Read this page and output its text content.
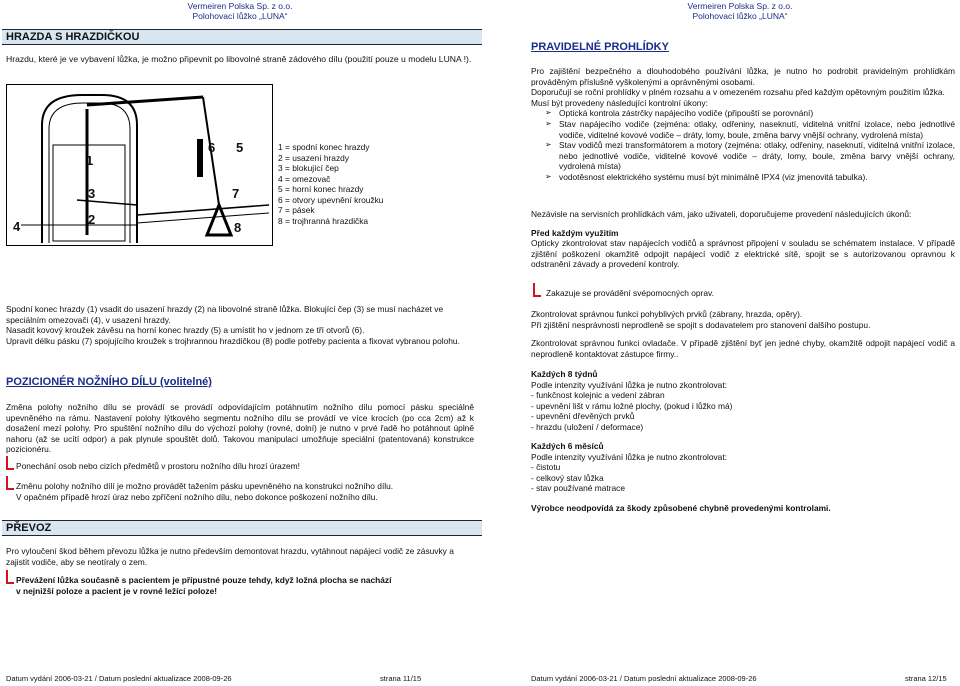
Vermeiren Polska Sp. z o.o.
Polohovací lůžko „LUNA“
Vermeiren Polska Sp. z o.o.
Polohovací lůžko „LUNA“
HRAZDA S HRAZDIČKOU
Hrazdu, které je ve vybavení lůžka, je možno připevnit po libovolné straně zádového dílu (použití pouze u modelu LUNA !).
1
2
3
4
5
6
7
8
1 = spodní konec hrazdy
2 = usazení hrazdy
3 = blokující čep
4 = omezovač
5 = horní konec hrazdy
6 = otvory upevnění kroužku
7 = pásek
8 = trojhranná hrazdička
Spodní konec hrazdy (1) vsadit do usazení hrazdy (2) na libovolné straně lůžka. Blokující čep (3) se musí nacházet ve speciálním omezovači (4), v usazení hrazdy.
Nasadit kovový kroužek závěsu na horní konec hrazdy (5) a umístit ho v jednom ze tří otvorů (6).
Upravit délku pásku (7) spojujícího kroužek s trojhrannou hrazdičkou (8) podle potřeby pacienta a fixovat vybranou polohu.
POZICIONÉR NOŽNÍHO DÍLU (volitelné)
Změna polohy nožního dílu se provádí se provádí odpovídajícím potáhnutím nožního dílu pomocí pásku speciálně upevněného na rámu. Nastavení polohy lýtkového segmentu nožního dílu se provádí ve více krocích (po cca 2cm) až k dosažení mezí polohy. Pro spuštění nožního dílu do výchozí polohy (rovné, dolní) je nutno v prvé řadě ho potáhnout úplně nahoru (až se ucítí odpor) a pak plynule spouštět dolů. Takovou manipulaci umožňuje speciální (patentovaná) konstrukce pozicionéru.
Ponechání osob nebo cizích předmětů v prostoru nožního dílu hrozí úrazem!
Změnu polohy nožního dílí je možno provádět tažením pásku upevněného na konstrukci nožního dílu.
V opačném případě hrozí úraz nebo zpříčení nožního dílu, nebo dokonce poškození nožního dílu.
PŘEVOZ
Pro vyloučení škod během převozu lůžka je nutno především demontovat hrazdu, vytáhnout napájecí vodič ze zásuvky a zajistit vodiče, aby se neotíraly o zem.
Převážení lůžka současně s pacientem je přípustné pouze tehdy, když ložná plocha se nachází
v nejnižší poloze a pacient je v rovné ležící poloze!
Datum vydání 2006-03-21 / Datum poslední aktualizace 2008-09-26	strana 11/15
PRAVIDELNÉ PROHLÍDKY
Pro zajištění bezpečného a dlouhodobého používání lůžka, je nutno ho podrobit pravidelným prohlídkám prováděným příslušně vyškolenými a oprávněnými osobami.
Doporučují se roční prohlídky v plném rozsahu a v omezeném rozsahu před každým opětovným použitím lůžka.
Musí být provedeny následující kontrolní úkony:
➢ Optická kontrola zástrčky napájecího vodiče (připouští se porovnání)
➢ Stav napájecího vodiče (zejména: otlaky, odřeniny, naseknutí, viditelná vnitřní izolace, nebo jednotlivé vodiče, viditelné kovové vodiče – dráty, lomy, boule, změna barvy vnější ochrany, vydrolená místa)
➢ Stav vodičů mezi transformátorem a motory (zejména: otlaky, odřeniny, naseknutí, viditelná vnitřní izolace, nebo jednotlivé vodiče, viditelné kovové vodiče – dráty, lomy, boule, změna barvy vnější ochrany, vydrolená místa)
➢ vodotěsnost elektrického systému musí být minimálně IPX4 (viz jmenovitá tabulka).
Nezávisle na servisních prohlídkách vám, jako uživateli, doporučujeme provedení následujících úkonů:
Před každým využitím
Opticky zkontrolovat stav napájecích vodičů a správnost připojení v souladu se schématem instalace. V případě zjištění poškození okamžitě odpojit napájecí vodič z elektrické sítě, spojit se s autorizovanou opravnou k odstranění závady a provedení kontroly.
Zakazuje se provádění svépomocných oprav.
Zkontrolovat správnou funkci pohyblivých prvků (zábrany, hrazda, opěry).
Při zjištění nesprávnosti neprodleně se spojit s dodavatelem pro stanovení dalšího postupu.
Zkontrolovat správnou funkci ovladače. V případě zjištění byť jen jedné chyby, okamžitě odpojit napájecí vodič a neprodleně kontaktovat zástupce firmy..
Každých 8 týdnů
Podle intenzity využívání lůžka je nutno zkontrolovat:
- funkčnost kolejnic a vedení zábran
- upevnění lišt v rámu ložné plochy, (pokud i lůžko má)
- upevnění dřevěných prvků
- hrazdu (uložení / deformace)
Každých 6 měsíců
Podle intenzity využívání lůžka je nutno zkontrolovat:
- čistotu
- celkový stav lůžka
- stav používané matrace
Výrobce neodpovídá za škody způsobené chybně provedenými kontrolami.
Datum vydání 2006-03-21 / Datum poslední aktualizace 2008-09-26	strana 12/15
